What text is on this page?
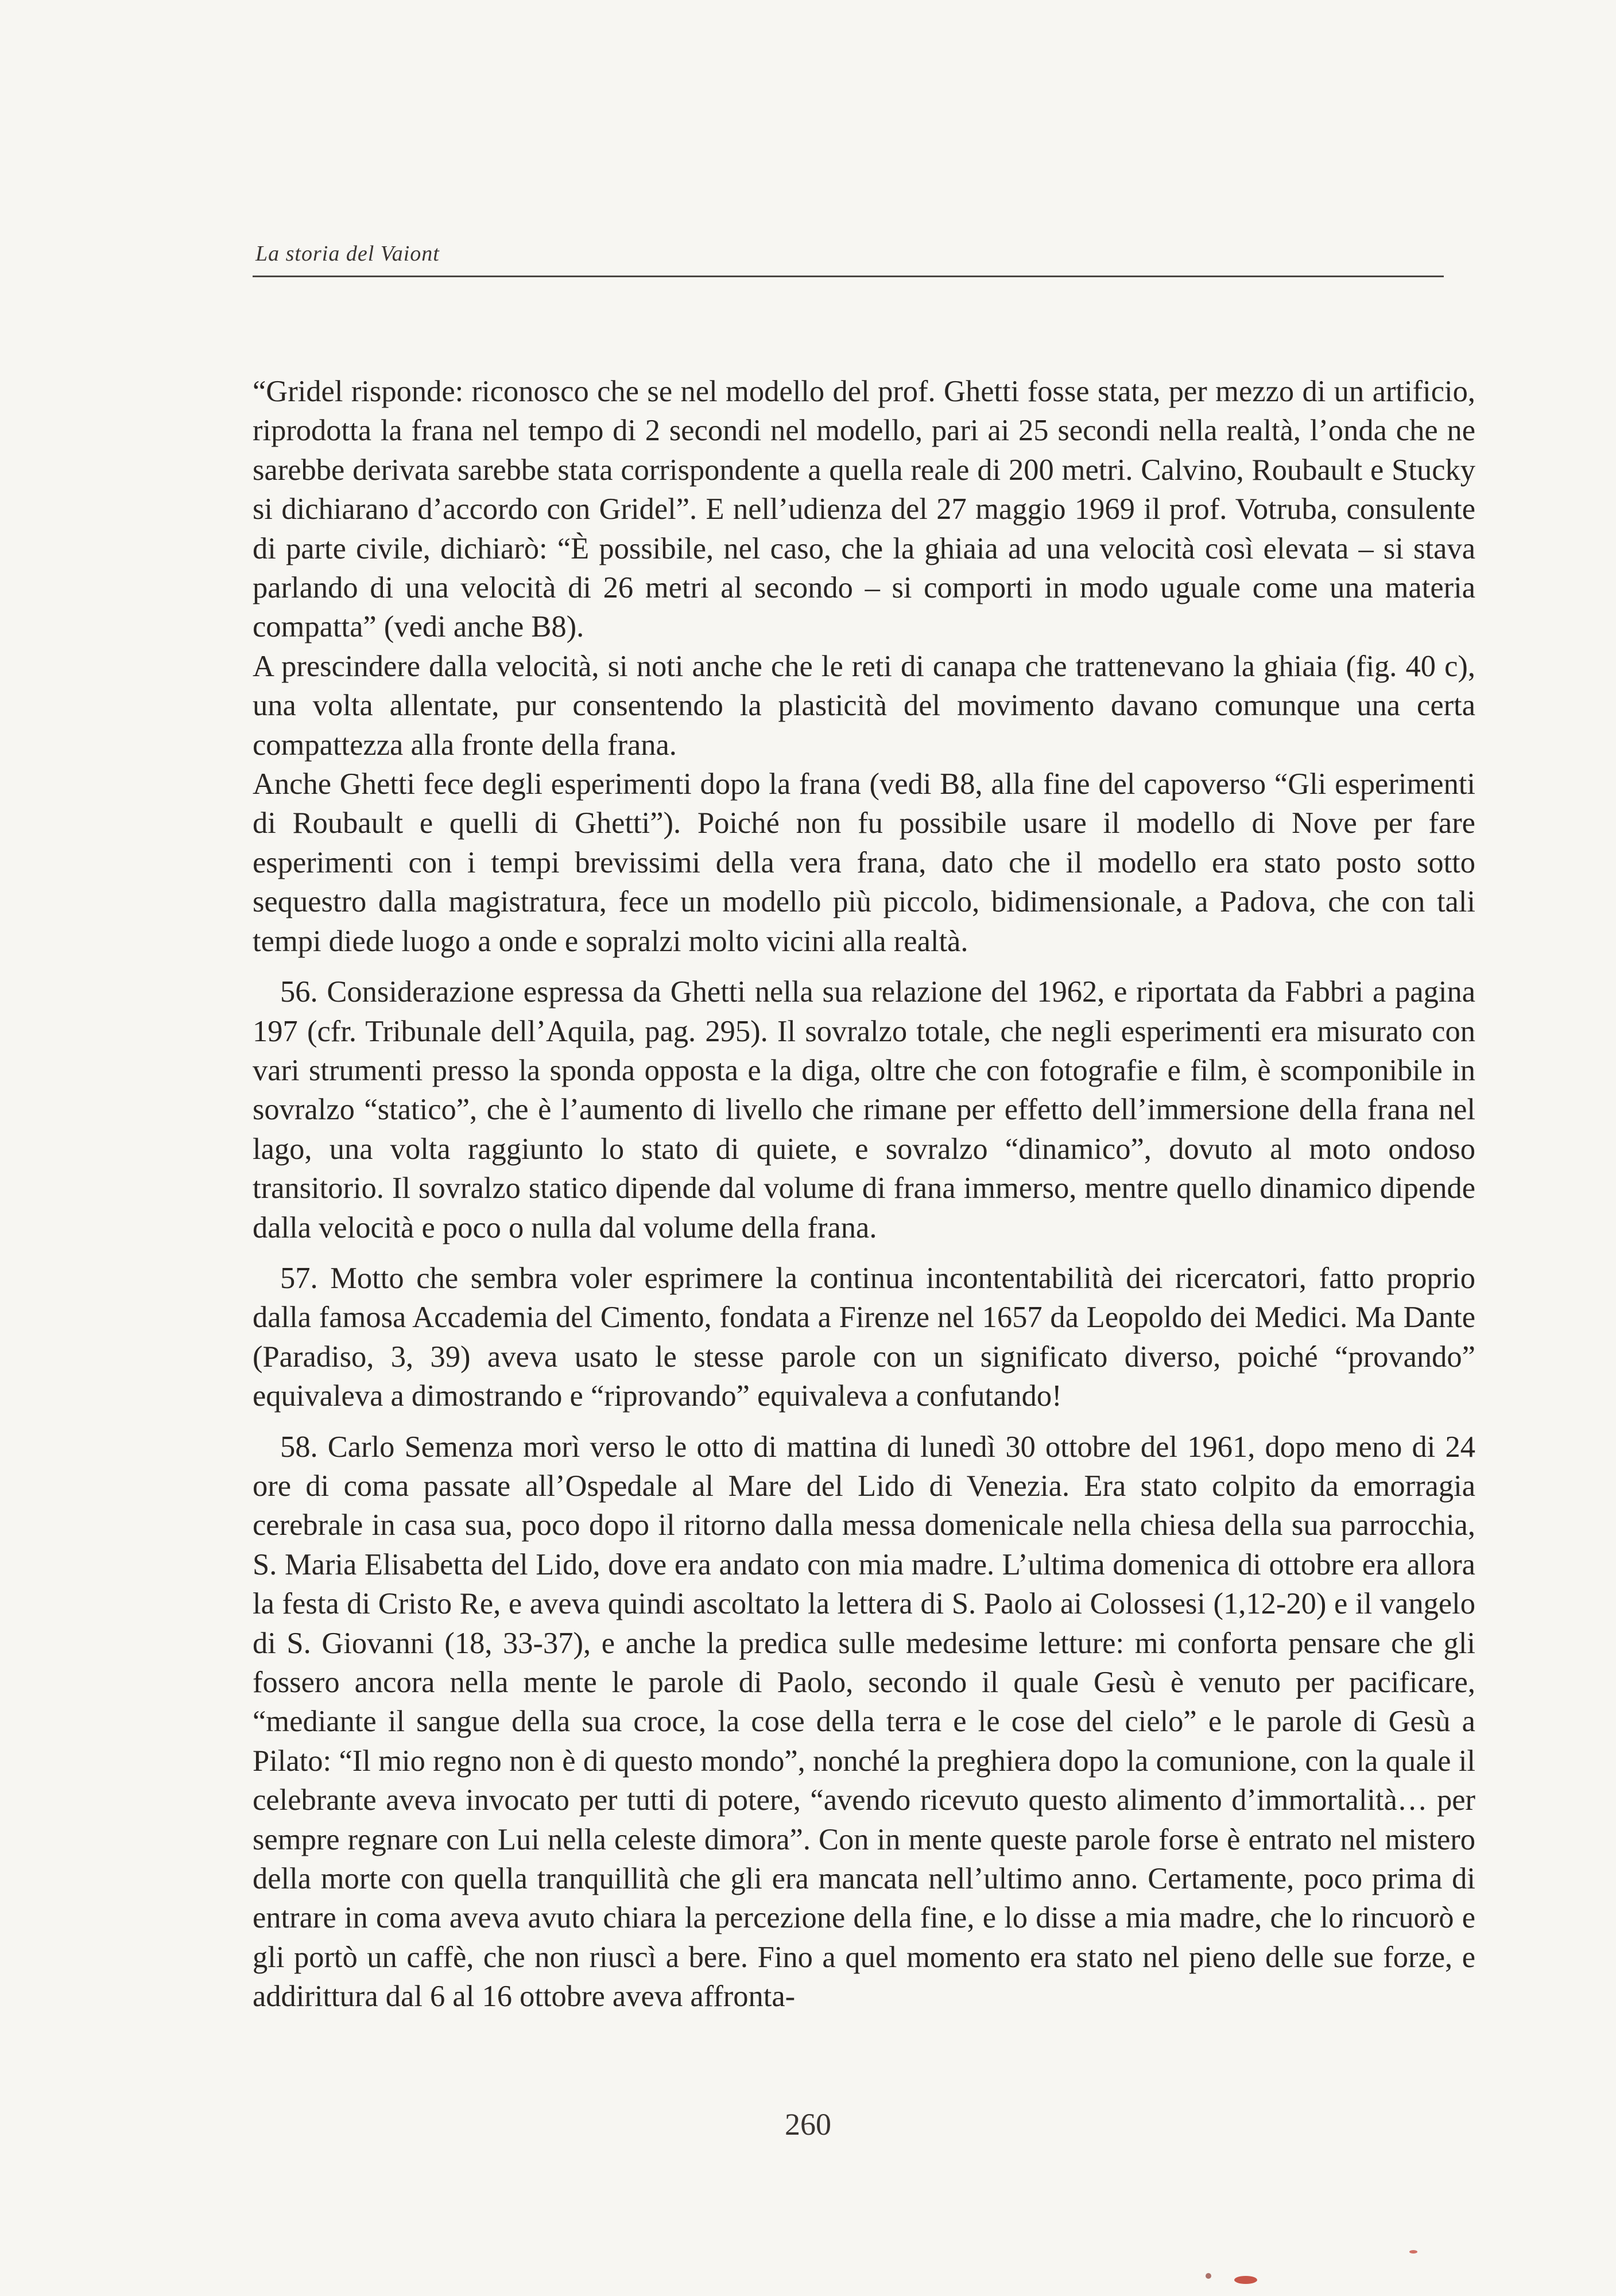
La storia del Vaiont

“Gridel risponde: riconosco che se nel modello del prof. Ghetti fosse stata, per mezzo di un artificio, riprodotta la frana nel tempo di 2 secondi nel modello, pari ai 25 secondi nella realtà, l’onda che ne sarebbe derivata sarebbe stata corrispondente a quella reale di 200 metri. Calvino, Roubault e Stucky si dichiarano d’accordo con Gridel”. E nell’udienza del 27 maggio 1969 il prof. Votruba, consulente di parte civile, dichiarò: “È possibile, nel caso, che la ghiaia ad una velocità così elevata – si stava parlando di una velocità di 26 metri al secondo – si comporti in modo uguale come una materia compatta” (vedi anche B8).

A prescindere dalla velocità, si noti anche che le reti di canapa che trattenevano la ghiaia (fig. 40 c), una volta allentate, pur consentendo la plasticità del movimento davano comunque una certa compattezza alla fronte della frana.

Anche Ghetti fece degli esperimenti dopo la frana (vedi B8, alla fine del capoverso “Gli esperimenti di Roubault e quelli di Ghetti”). Poiché non fu possibile usare il modello di Nove per fare esperimenti con i tempi brevissimi della vera frana, dato che il modello era stato posto sotto sequestro dalla magistratura, fece un modello più piccolo, bidimensionale, a Padova, che con tali tempi diede luogo a onde e sopralzi molto vicini alla realtà.

56. Considerazione espressa da Ghetti nella sua relazione del 1962, e riportata da Fabbri a pagina 197 (cfr. Tribunale dell’Aquila, pag. 295). Il sovralzo totale, che negli esperimenti era misurato con vari strumenti presso la sponda opposta e la diga, oltre che con fotografie e film, è scomponibile in sovralzo “statico”, che è l’aumento di livello che rimane per effetto dell’immersione della frana nel lago, una volta raggiunto lo stato di quiete, e sovralzo “dinamico”, dovuto al moto ondoso transitorio. Il sovralzo statico dipende dal volume di frana immerso, mentre quello dinamico dipende dalla velocità e poco o nulla dal volume della frana.

57. Motto che sembra voler esprimere la continua incontentabilità dei ricercatori, fatto proprio dalla famosa Accademia del Cimento, fondata a Firenze nel 1657 da Leopoldo dei Medici. Ma Dante (Paradiso, 3, 39) aveva usato le stesse parole con un significato diverso, poiché “provando” equivaleva a dimostrando e “riprovando” equivaleva a confutando!

58. Carlo Semenza morì verso le otto di mattina di lunedì 30 ottobre del 1961, dopo meno di 24 ore di coma passate all’Ospedale al Mare del Lido di Venezia. Era stato colpito da emorragia cerebrale in casa sua, poco dopo il ritorno dalla messa domenicale nella chiesa della sua parrocchia, S. Maria Elisabetta del Lido, dove era andato con mia madre. L’ultima domenica di ottobre era allora la festa di Cristo Re, e aveva quindi ascoltato la lettera di S. Paolo ai Colossesi (1,12-20) e il vangelo di S. Giovanni (18, 33-37), e anche la predica sulle medesime letture: mi conforta pensare che gli fossero ancora nella mente le parole di Paolo, secondo il quale Gesù è venuto per pacificare, “mediante il sangue della sua croce, la cose della terra e le cose del cielo” e le parole di Gesù a Pilato: “Il mio regno non è di questo mondo”, nonché la preghiera dopo la comunione, con la quale il celebrante aveva invocato per tutti di potere, “avendo ricevuto questo alimento d’immortalità… per sempre regnare con Lui nella celeste dimora”. Con in mente queste parole forse è entrato nel mistero della morte con quella tranquillità che gli era mancata nell’ultimo anno. Certamente, poco prima di entrare in coma aveva avuto chiara la percezione della fine, e lo disse a mia madre, che lo rincuorò e gli portò un caffè, che non riuscì a bere. Fino a quel momento era stato nel pieno delle sue forze, e addirittura dal 6 al 16 ottobre aveva affronta-

260
